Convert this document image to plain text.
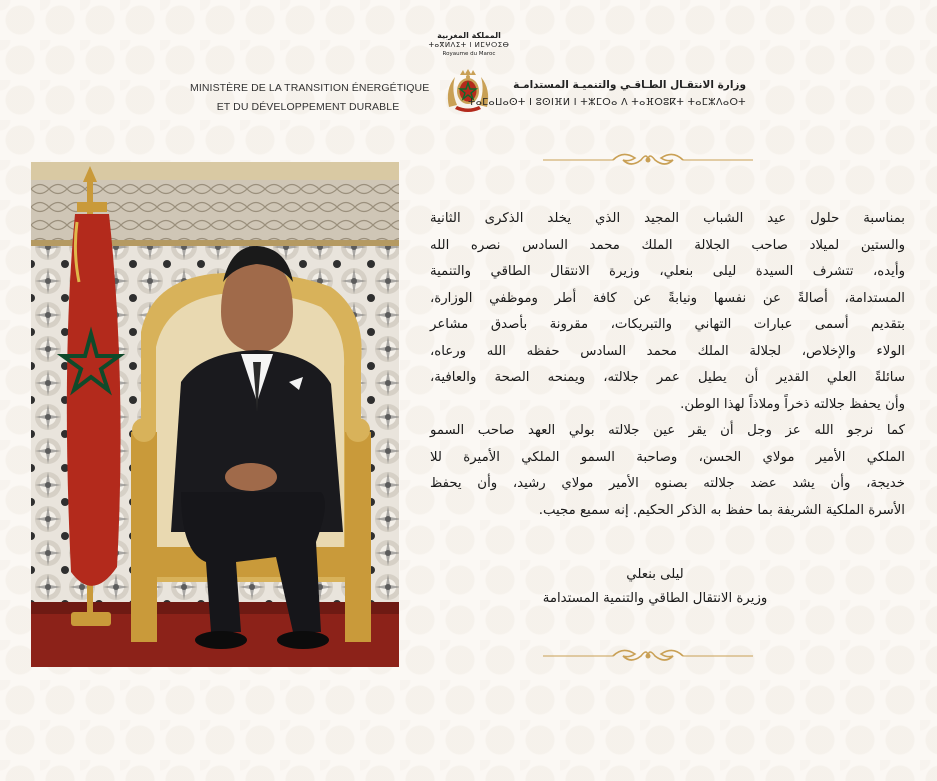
MINISTÈRE DE LA TRANSITION ÉNERGÉTIQUE
ET DU DÉVELOPPEMENT DURABLE
المملكة المغربية
ⵜⴰⴳⵍⴷⵉⵜ ⵏ ⵍⵎⵖⵔⵉⴱ
Royaume du Maroc
وزارة الانتقـال الطـاقـي والتنميـة المستدامـة
ⵜⴰⵎⴰⵡⴰⵙⵜ ⵏ ⵓⵙⵏⴼⵍ ⵏ ⵜⵣⵎⵔⴰ ⴷ ⵜⴰⴼⵔⵓⴽⵜ ⵜⴰⵎⵣⴷⴰⵔⵜ
بمناسبة حلول عيد الشباب المجيد الذي يخلد الذكرى الثانية
والستين لميلاد صاحب الجلالة الملك محمد السادس نصره الله
وأيده، تتشرف السيدة ليلى بنعلي، وزيرة الانتقال الطاقي والتنمية
المستدامة، أصالةً عن نفسها ونيابةً عن كافة أطر وموظفي الوزارة،
بتقديم أسمى عبارات التهاني والتبريكات، مقرونة بأصدق مشاعر
الولاء والإخلاص، لجلالة الملك محمد السادس حفظه الله ورعاه،
سائلةً العلي القدير أن يطيل عمر جلالته، ويمنحه الصحة والعافية،
وأن يحفظ جلالته ذخراً وملاذاً لهذا الوطن.
كما نرجو الله عز وجل أن يقر عين جلالته بولي العهد صاحب السمو
الملكي الأمير مولاي الحسن، وصاحبة السمو الملكي الأميرة للا
خديجة، وأن يشد عضد جلالته بصنوه الأمير مولاي رشيد، وأن يحفظ
الأسرة الملكية الشريفة بما حفظ به الذكر الحكيم. إنه سميع مجيب.
ليلى بنعلي
وزيرة الانتقال الطاقي والتنمية المستدامة
